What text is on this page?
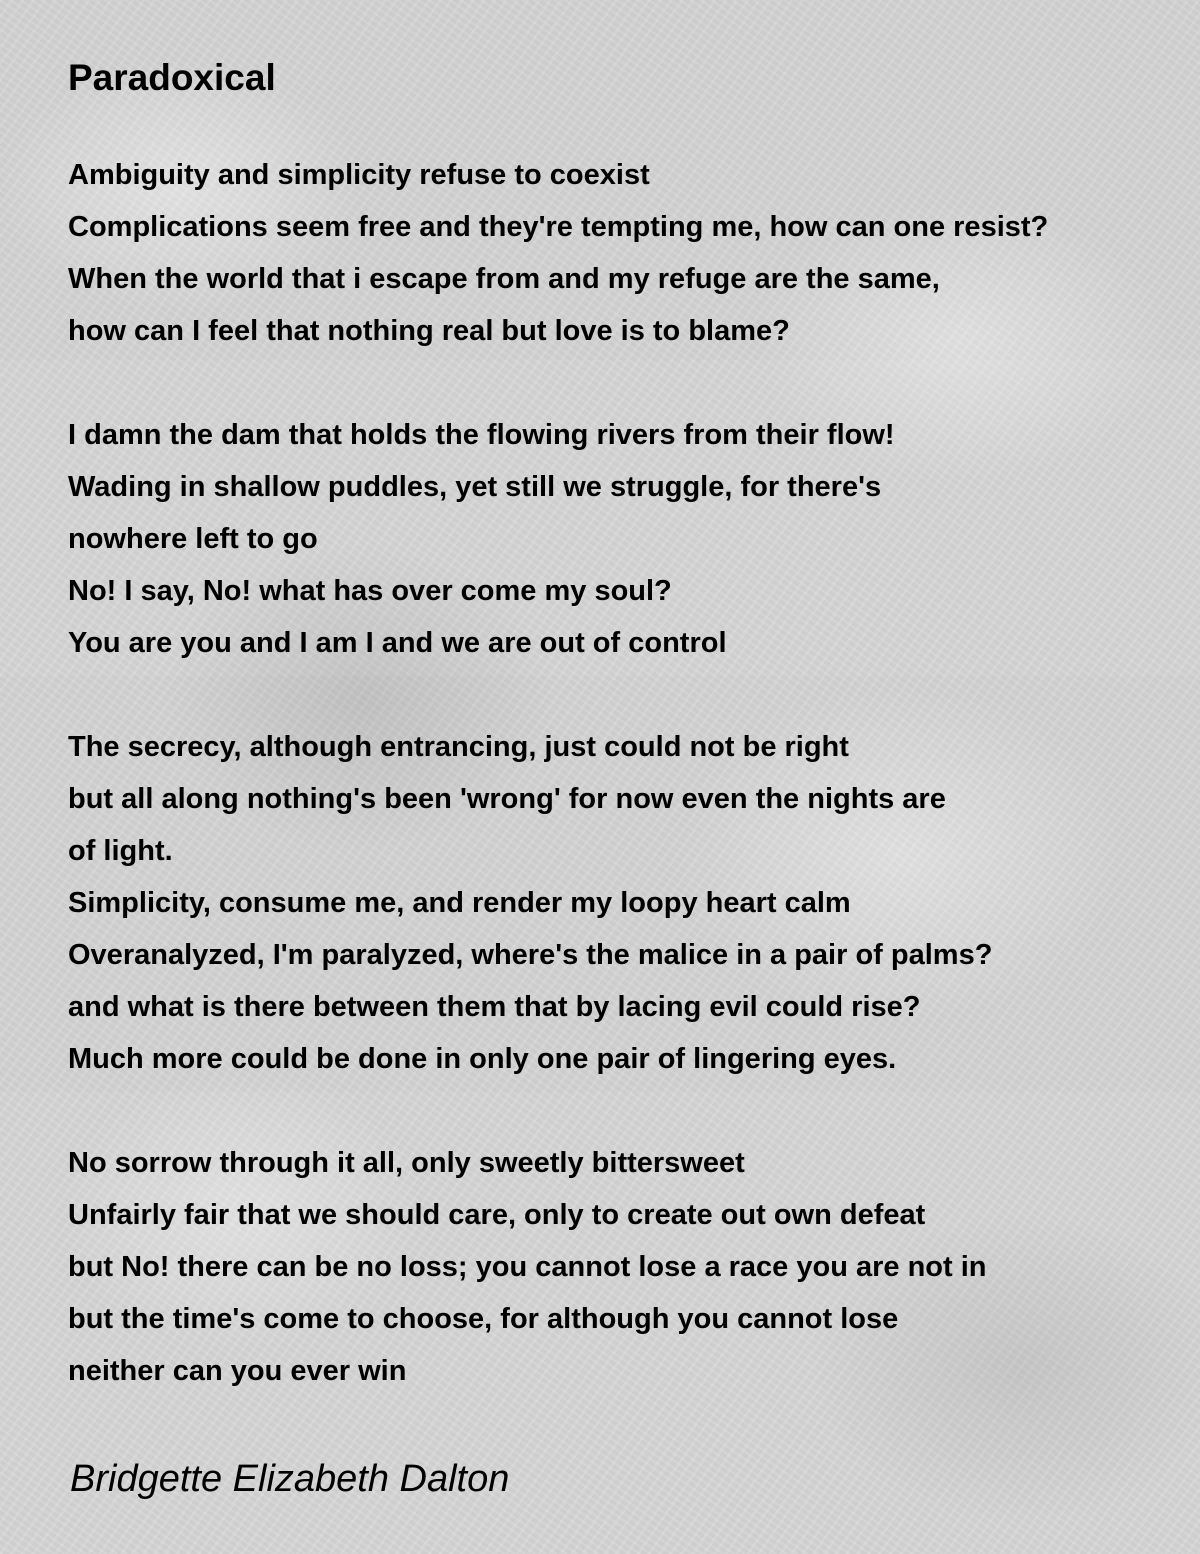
Paradoxical
Ambiguity and simplicity refuse to coexist
Complications seem free and they're tempting me, how can one resist?
When the world that i escape from and my refuge are the same,
how can I feel that nothing real but love is to blame?
I damn the dam that holds the flowing rivers from their flow!
Wading in shallow puddles, yet still we struggle, for there's
nowhere left to go
No! I say, No! what has over come my soul?
You are you and I am I and we are out of control
The secrecy, although entrancing, just could not be right
but all along nothing's been 'wrong' for now even the nights are
of light.
Simplicity, consume me, and render my loopy heart calm
Overanalyzed, I'm paralyzed, where's the malice in a pair of palms?
and what is there between them that by lacing evil could rise?
Much more could be done in only one pair of lingering eyes.
No sorrow through it all, only sweetly bittersweet
Unfairly fair that we should care, only to create out own defeat
but No! there can be no loss; you cannot lose a race you are not in
but the time's come to choose, for although you cannot lose
neither can you ever win
Bridgette Elizabeth Dalton
